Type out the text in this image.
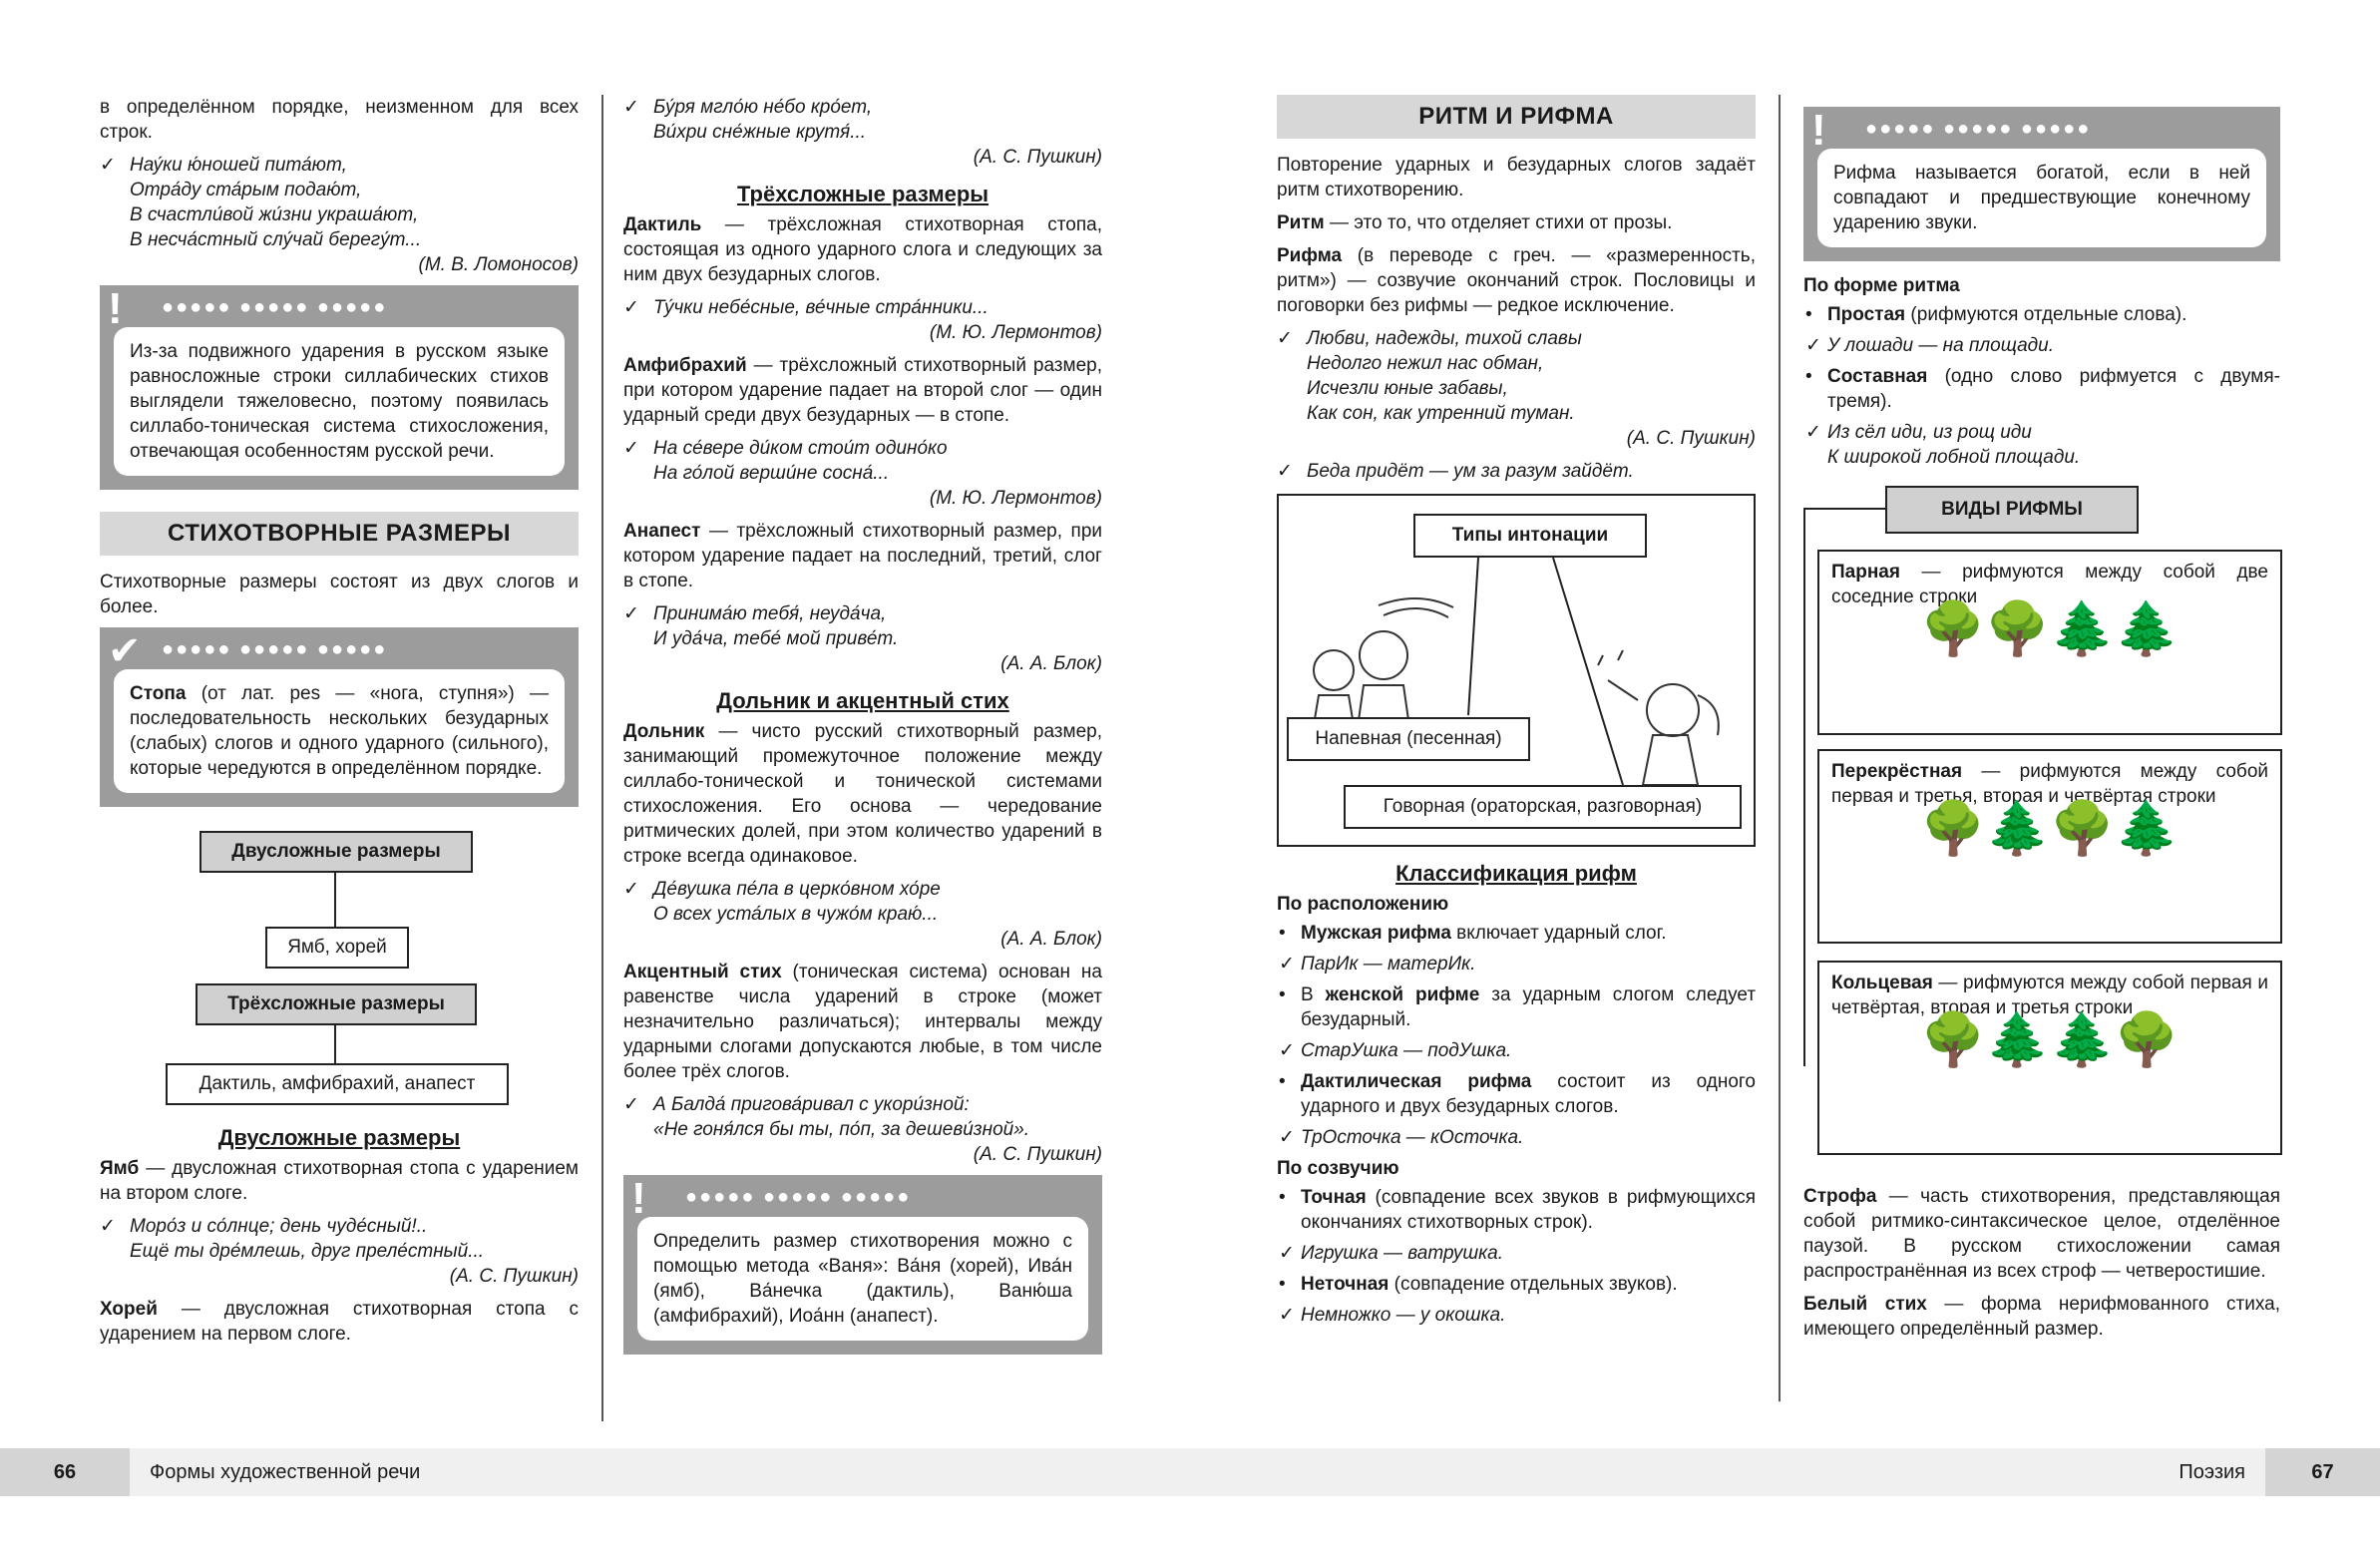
в определённом порядке, неизменном для всех строк.

✓ Нау́ки ю́ношей пита́ют,
Отра́ду ста́рым подаю́т,
В счастли́вой жи́зни украша́ют,
В несча́стный слу́чай берегу́т...
(М. В. Ломоносов)
! ●●●●● ●●●●● ●●●●●
Из-за подвижного ударения в русском языке равносложные строки силлабических стихов выглядели тяжеловесно, поэтому появилась силлабо-тоническая система стихосложения, отвечающая особенностям русской речи.
СТИХОТВОРНЫЕ РАЗМЕРЫ

Стихотворные размеры состоят из двух слогов и более.

✔ ●●●●● ●●●●● ●●●●●
Стопа (от лат. pes — «нога, ступня») — последовательность нескольких безударных (слабых) слогов и одного ударного (сильного), которые чередуются в определённом порядке.
Двусложные размеры
Ямб, хорей
Трёхсложные размеры
Дактиль, амфибрахий, анапест
Двусложные размеры

Ямб — двусложная стихотворная стопа с ударением на втором слоге.

✓ Моро́з и со́лнце; день чуде́сный!..
Ещё ты дре́млешь, друг преле́стный...
(А. С. Пушкин)

Хорей — двусложная стихотворная стопа с ударением на первом слоге.

✓ Бу́ря мгло́ю не́бо кро́ет,
Ви́хри сне́жные крутя́...
(А. С. Пушкин)
Трёхсложные размеры

Дактиль — трёхсложная стихотворная стопа, состоящая из одного ударного слога и следующих за ним двух безударных слогов.

✓ Ту́чки небе́сные, ве́чные стра́нники...
(М. Ю. Лермонтов)

Амфибрахий — трёхсложный стихотворный размер, при котором ударение падает на второй слог — один ударный среди двух безударных — в стопе.

✓ На се́вере ди́ком стои́т одино́ко
На го́лой верши́не сосна́...
(М. Ю. Лермонтов)

Анапест — трёхсложный стихотворный размер, при котором ударение падает на последний, третий, слог в стопе.

✓ Принима́ю тебя́, неуда́ча,
И уда́ча, тебе́ мой приве́т.
(А. А. Блок)
Дольник и акцентный стих

Дольник — чисто русский стихотворный размер, занимающий промежуточное положение между силлабо-тонической и тонической системами стихосложения. Его основа — чередование ритмических долей, при этом количество ударений в строке всегда одинаковое.

✓ Де́вушка пе́ла в церко́вном хо́ре
О всех уста́лых в чужо́м краю́...
(А. А. Блок)

Акцентный стих (тоническая система) основан на равенстве числа ударений в строке (может незначительно различаться); интервалы между ударными слогами допускаются любые, в том числе более трёх слогов.

✓ А Балда́ пригова́ривал с укори́зной:
«Не гоня́лся бы ты, по́п, за дешеви́зной».
(А. С. Пушкин)
! ●●●●● ●●●●● ●●●●●
Определить размер стихотворения можно с помощью метода «Ваня»: Ва́ня (хорей), Ива́н (ямб), Ва́нечка (дактиль), Ваню́ша (амфибрахий), Иоа́нн (анапест).
РИТМ И РИФМА

Повторение ударных и безударных слогов задаёт ритм стихотворению.

Ритм — это то, что отделяет стихи от прозы.

Рифма (в переводе с греч. — «размеренность, ритм») — созвучие окончаний строк. Пословицы и поговорки без рифмы — редкое исключение.

✓ Любви, надежды, тихой славы
Недолго нежил нас обман,
Исчезли юные забавы,
Как сон, как утренний туман.
(А. С. Пушкин)
✓ Беда придёт — ум за разум зайдёт.
Типы интонации
Напевная (песенная)
Говорная (ораторская, разговорная)
Классификация рифм
По расположению
• Мужская рифма включает ударный слог.
✓ ПарИк — матерИк.
• В женской рифме за ударным слогом следует безударный.
✓ СтарУшка — подУшка.
• Дактилическая рифма состоит из одного ударного и двух безударных слогов.
✓ ТрОсточка — кОсточка.
По созвучию
• Точная (совпадение всех звуков в рифмующихся окончаниях стихотворных строк).
✓ Игрушка — ватрушка.
• Неточная (совпадение отдельных звуков).
✓ Немножко — у окошка.
! ●●●●● ●●●●● ●●●●●
Рифма называется богатой, если в ней совпадают и предшествующие конечному ударению звуки.
По форме ритма
• Простая (рифмуются отдельные слова).
✓ У лошади — на площади.
• Составная (одно слово рифмуется с двумя-тремя).
✓ Из сёл иди, из рощ иди
К широкой лобной площади.
ВИДЫ РИФМЫ
Парная — рифмуются между собой две соседние строки
🌳🌳🌲🌲
Перекрёстная — рифмуются между собой первая и третья, вторая и четвёртая строки
🌳🌲🌳🌲
Кольцевая — рифмуются между собой первая и четвёртая, вторая и третья строки
🌳🌲🌲🌳

Строфа — часть стихотворения, представляющая собой ритмико-синтаксическое целое, отделённое паузой. В русском стихосложении самая распространённая из всех строф — четверостишие.

Белый стих — форма нерифмованного стиха, имеющего определённый размер.

66	Формы художественной речи	Поэзия	67
